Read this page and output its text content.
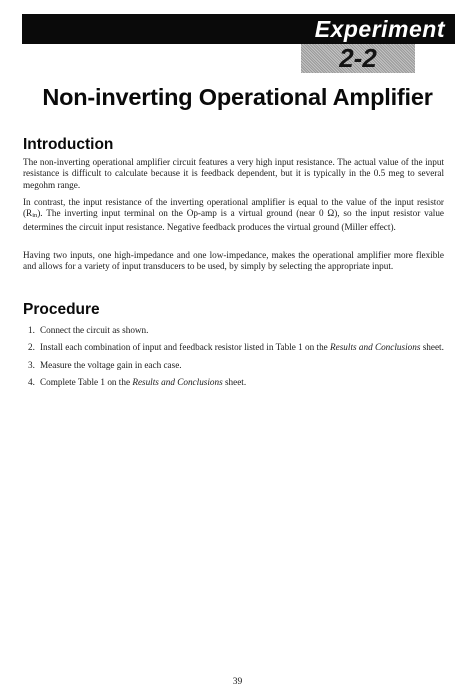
Experiment
2-2
Non-inverting Operational Amplifier
Introduction

The non-inverting operational amplifier circuit features a very high input resistance. The actual value of the input resistance is difficult to calculate because it is feedback dependent, but it is typically in the 0.5 meg to several megohm range.

In contrast, the input resistance of the inverting operational amplifier is equal to the value of the input resistor $(R_{in})$. The inverting input terminal on the Op-amp is a virtual ground (near 0 Ω), so the input resistor value determines the circuit input resistance. Negative feedback produces the virtual ground (Miller effect).

Having two inputs, one high-impedance and one low-impedance, makes the operational amplifier more flexible and allows for a variety of input transducers to be used, by simply by selecting the appropriate input.

Procedure
1. Connect the circuit as shown.
2. Install each combination of input and feedback resistor listed in Table 1 on the Results and Conclusions sheet.
3. Measure the voltage gain in each case.
4. Complete Table 1 on the Results and Conclusions sheet.
39
